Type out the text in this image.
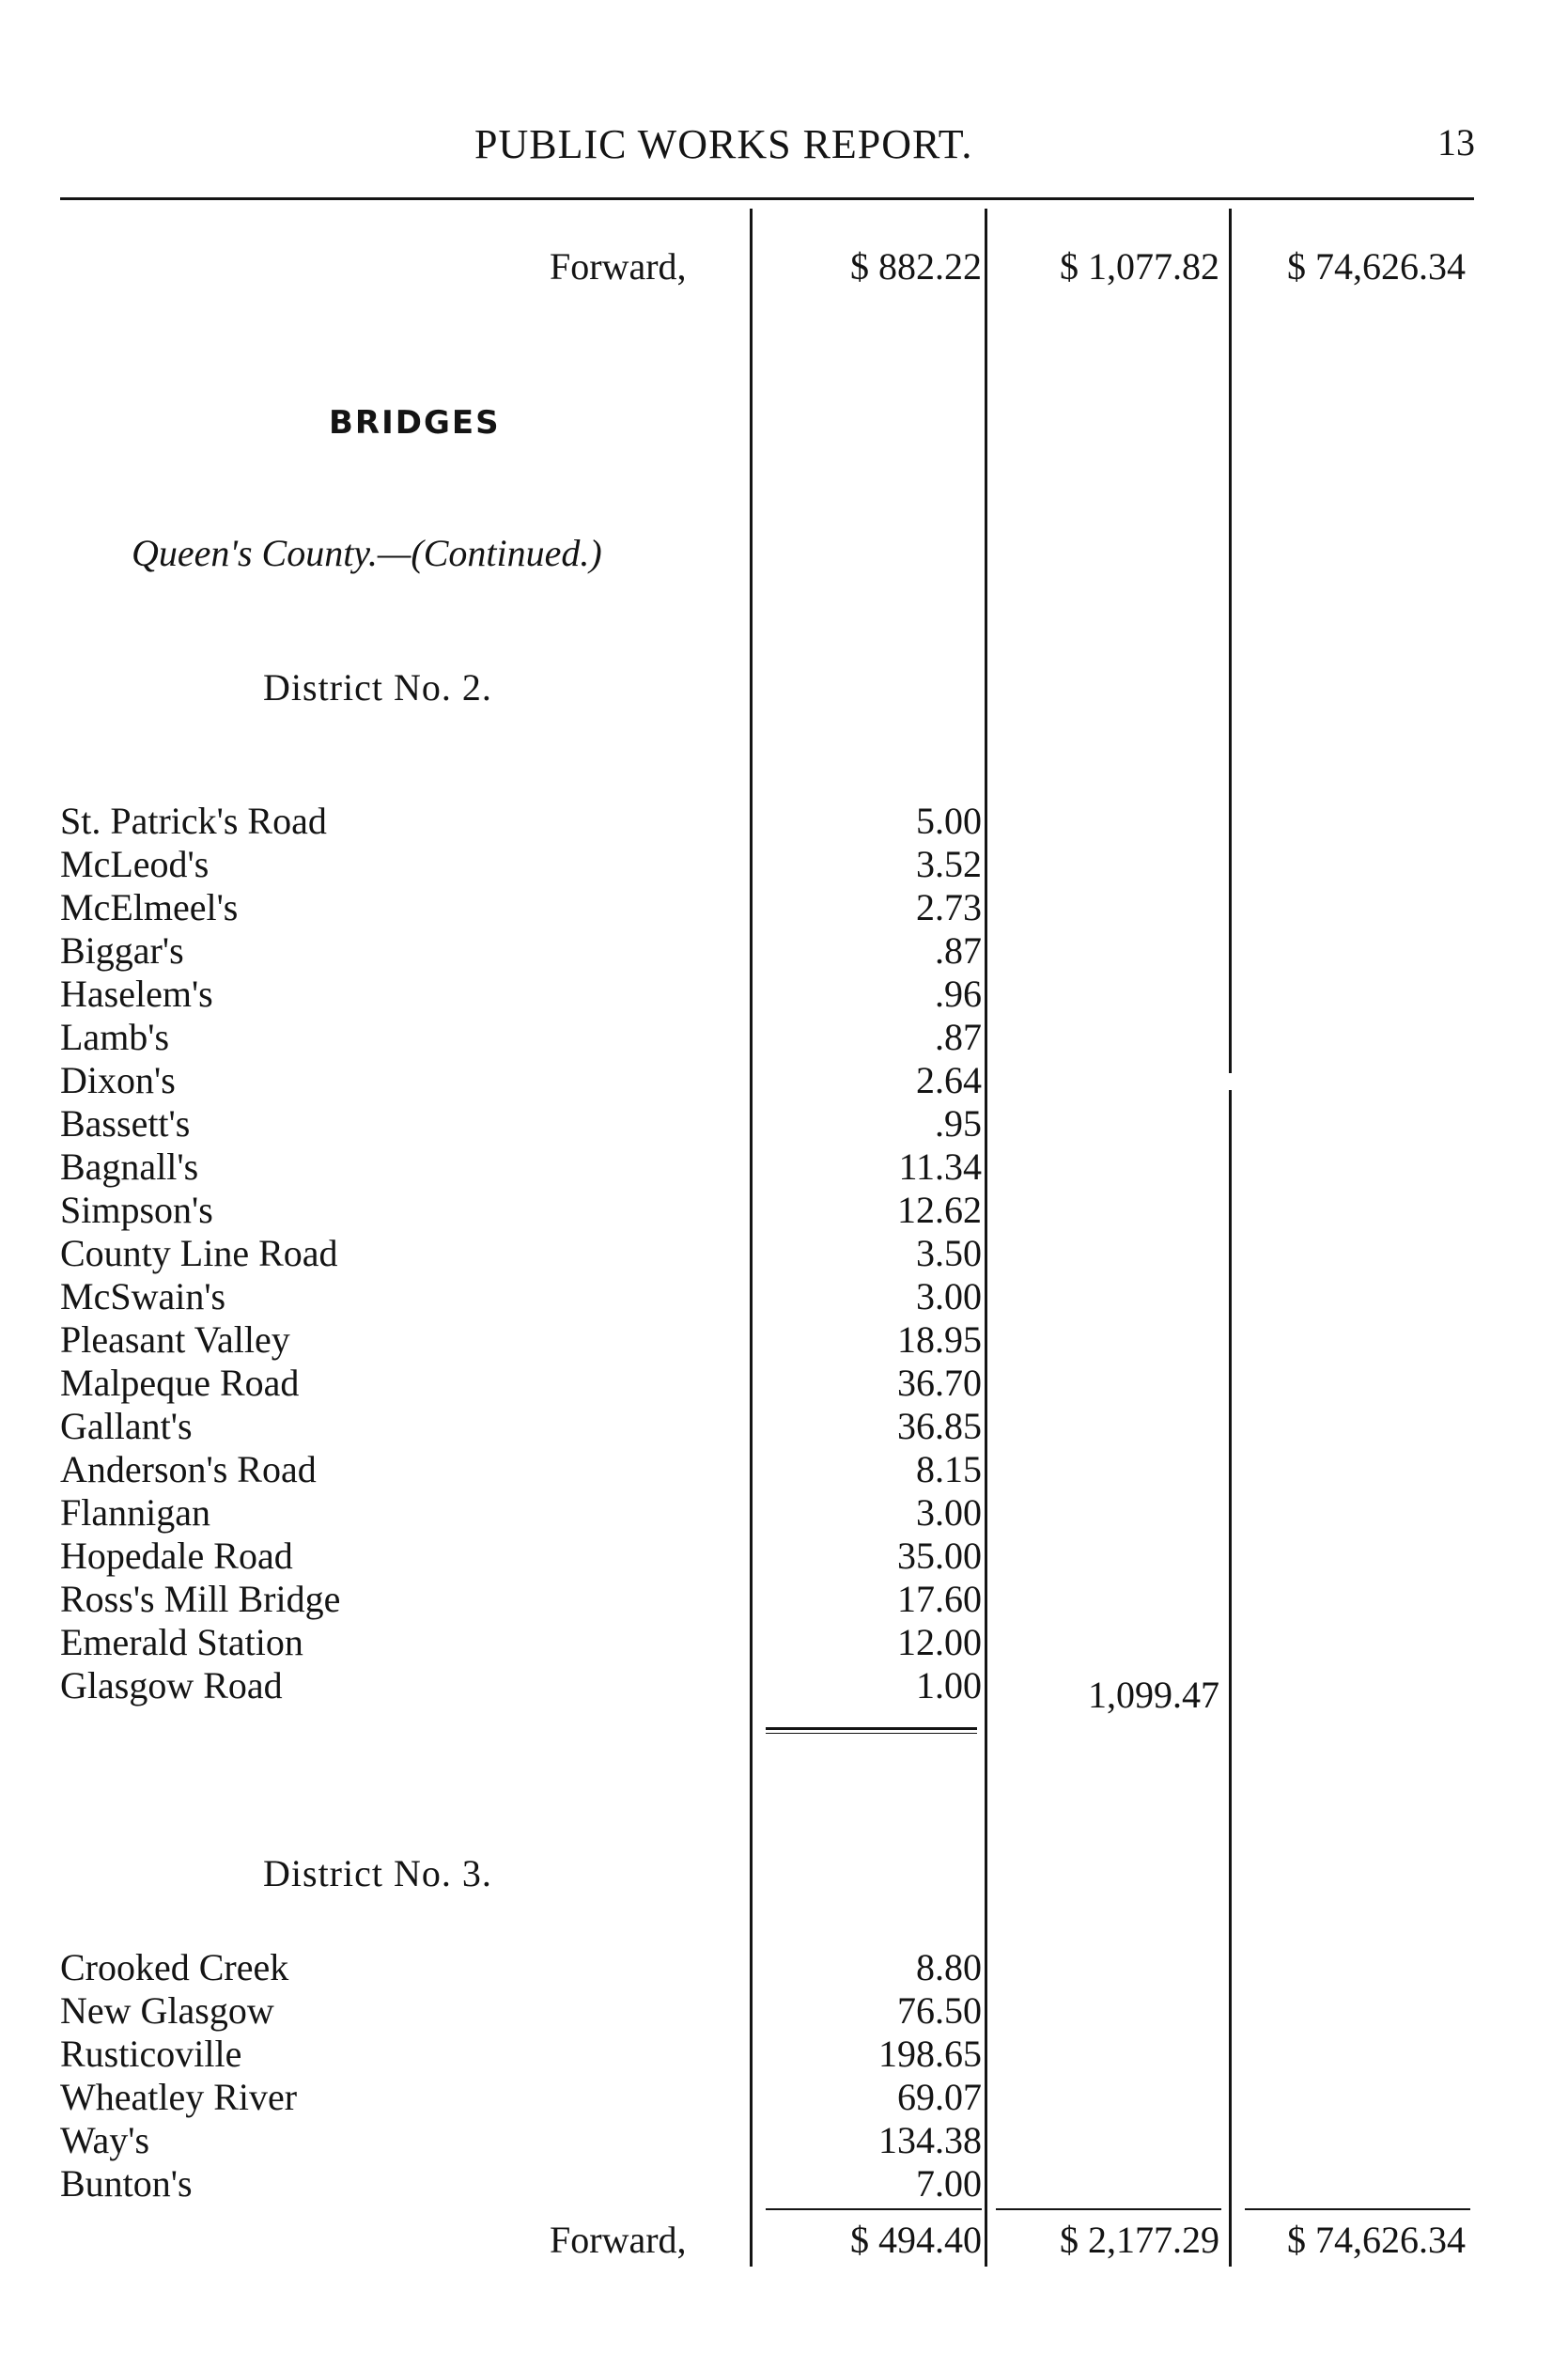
PUBLIC WORKS REPORT.	13
Forward,	$ 882.22	$ 1,077.82	$ 74,626.34
BRIDGES
Queen's County.—(Continued.)
District No. 2.
St. Patrick's Road	5.00
McLeod's	3.52
McElmeel's	2.73
Biggar's	.87
Haselem's	.96
Lamb's	.87
Dixon's	2.64
Bassett's	.95
Bagnall's	11.34
Simpson's	12.62
County Line Road	3.50
McSwain's	3.00
Pleasant Valley	18.95
Malpeque Road	36.70
Gallant's	36.85
Anderson's Road	8.15
Flannigan	3.00
Hopedale Road	35.00
Ross's Mill Bridge	17.60
Emerald Station	12.00
Glasgow Road	1.00	1,099.47
District No. 3.
Crooked Creek	8.80
New Glasgow	76.50
Rusticoville	198.65
Wheatley River	69.07
Way's	134.38
Bunton's	7.00
Forward,	$ 494.40	$ 2,177.29	$ 74,626.34
